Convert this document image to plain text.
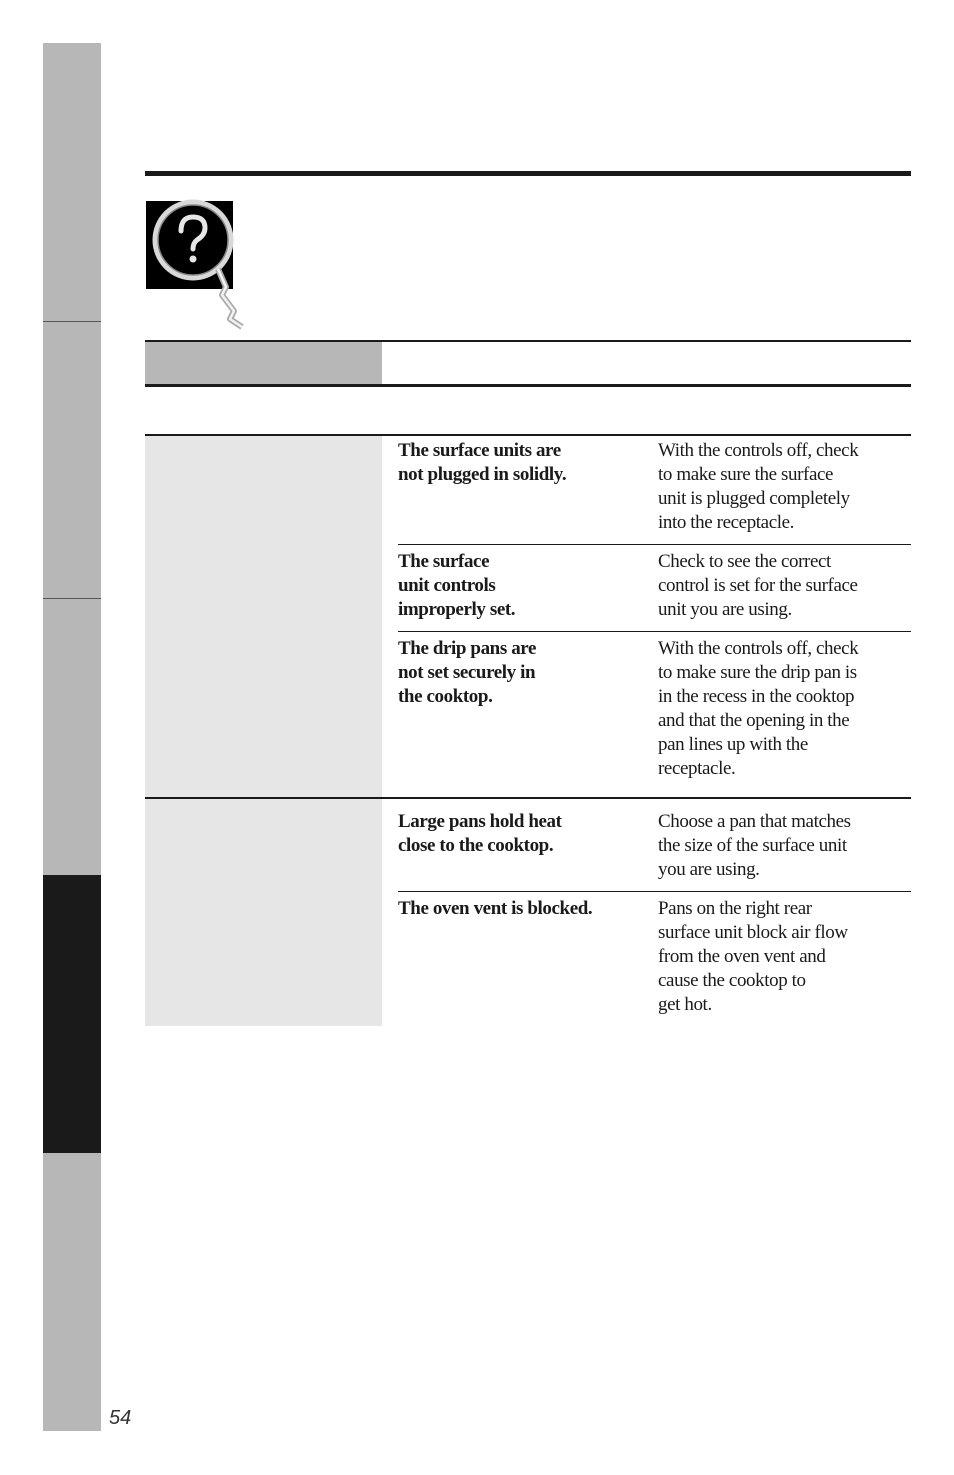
The surface units are
not plugged in solidly.
With the controls off, check
to make sure the surface
unit is plugged completely
into the receptacle.
The surface
unit controls
improperly set.
Check to see the correct
control is set for the surface
unit you are using.
The drip pans are
not set securely in
the cooktop.
With the controls off, check
to make sure the drip pan is
in the recess in the cooktop
and that the opening in the
pan lines up with the
receptacle.
Large pans hold heat
close to the cooktop.
Choose a pan that matches
the size of the surface unit
you are using.
The oven vent is blocked.	Pans on the right rear
surface unit block air flow
from the oven vent and
cause the cooktop to
get hot.
54
